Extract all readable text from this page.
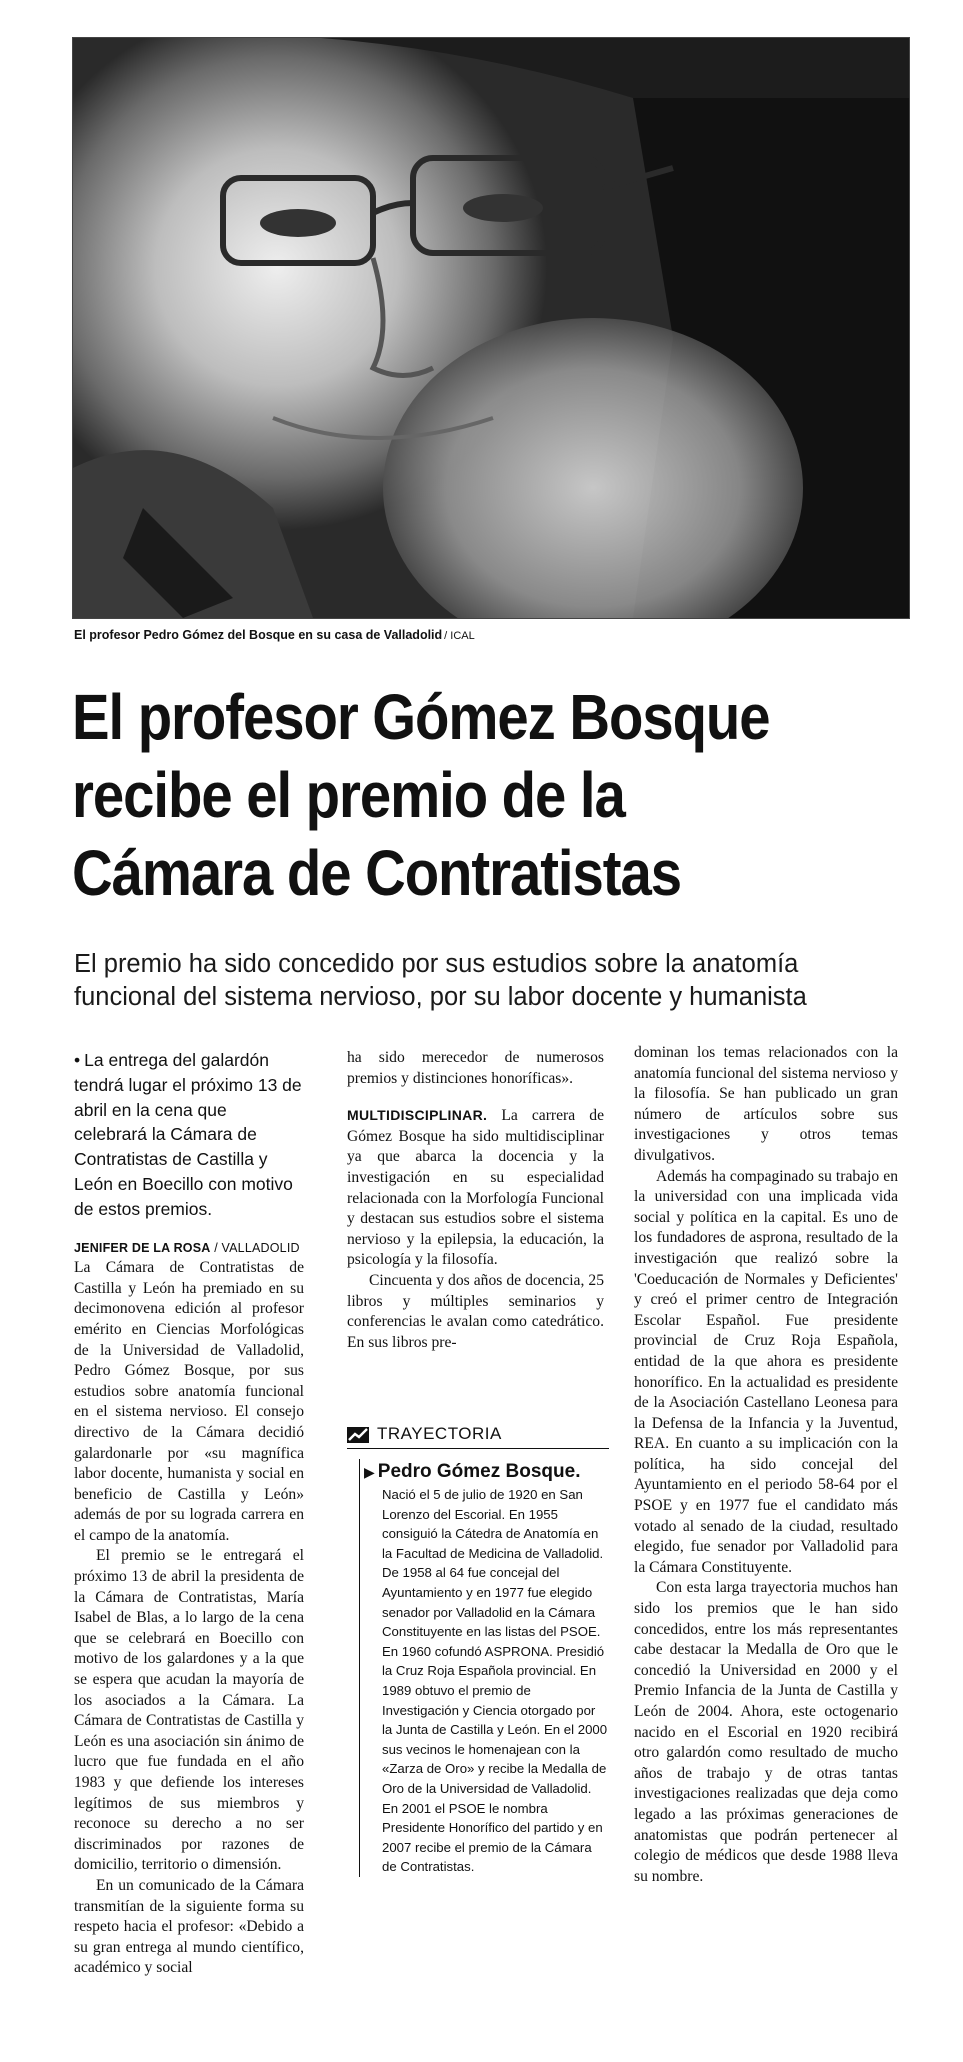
El profesor Pedro Gómez del Bosque en su casa de Valladolid / ICAL
El profesor Gómez Bosque
recibe el premio de la
Cámara de Contratistas
El premio ha sido concedido por sus estudios sobre la anatomía
funcional del sistema nervioso, por su labor docente y humanista
• La entrega del galardón tendrá lugar el próximo 13 de abril en la cena que celebrará la Cámara de Contratistas de Castilla y León en Boecillo con motivo de estos premios.
JENIFER DE LA ROSA / VALLADOLID

La Cámara de Contratistas de Castilla y León ha premiado en su decimonovena edición al profesor emérito en Ciencias Morfológicas de la Universidad de Valladolid, Pedro Gómez Bosque, por sus estudios sobre anatomía funcional en el sistema nervioso. El consejo directivo de la Cámara decidió galardonarle por «su magnífica labor docente, humanista y social en beneficio de Castilla y León» además de por su lograda carrera en el campo de la anatomía.

El premio se le entregará el próximo 13 de abril la presidenta de la Cámara de Contratistas, María Isabel de Blas, a lo largo de la cena que se celebrará en Boecillo con motivo de los galardones y a la que se espera que acudan la mayoría de los asociados a la Cámara. La Cámara de Contratistas de Castilla y León es una asociación sin ánimo de lucro que fue fundada en el año 1983 y que defiende los intereses legítimos de sus miembros y reconoce su derecho a no ser discriminados por razones de domicilio, territorio o dimensión.

En un comunicado de la Cámara transmitían de la siguiente forma su respeto hacia el profesor: «Debido a su gran entrega al mundo científico, académico y social

ha sido merecedor de numerosos premios y distinciones honoríficas».

MULTIDISCIPLINAR. La carrera de Gómez Bosque ha sido multidisciplinar ya que abarca la docencia y la investigación en su especialidad relacionada con la Morfología Funcional y destacan sus estudios sobre el sistema nervioso y la epilepsia, la educación, la psicología y la filosofía.

Cincuenta y dos años de docencia, 25 libros y múltiples seminarios y conferencias le avalan como catedrático. En sus libros pre-

TRAYECTORIA
▶ Pedro Gómez Bosque.

Nació el 5 de julio de 1920 en San Lorenzo del Escorial. En 1955 consiguió la Cátedra de Anatomía en la Facultad de Medicina de Valladolid. De 1958 al 64 fue concejal del Ayuntamiento y en 1977 fue elegido senador por Valladolid en la Cámara Constituyente en las listas del PSOE. En 1960 cofundó ASPRONA. Presidió la Cruz Roja Española provincial. En 1989 obtuvo el premio de Investigación y Ciencia otorgado por la Junta de Castilla y León. En el 2000 sus vecinos le homenajean con la «Zarza de Oro» y recibe la Medalla de Oro de la Universidad de Valladolid. En 2001 el PSOE le nombra Presidente Honorífico del partido y en 2007 recibe el premio de la Cámara de Contratistas.

dominan los temas relacionados con la anatomía funcional del sistema nervioso y la filosofía. Se han publicado un gran número de artículos sobre sus investigaciones y otros temas divulgativos.

Además ha compaginado su trabajo en la universidad con una implicada vida social y política en la capital. Es uno de los fundadores de asprona, resultado de la investigación que realizó sobre la 'Coeducación de Normales y Deficientes' y creó el primer centro de Integración Escolar Español. Fue presidente provincial de Cruz Roja Española, entidad de la que ahora es presidente honorífico. En la actualidad es presidente de la Asociación Castellano Leonesa para la Defensa de la Infancia y la Juventud, REA. En cuanto a su implicación con la política, ha sido concejal del Ayuntamiento en el periodo 58-64 por el PSOE y en 1977 fue el candidato más votado al senado de la ciudad, resultado elegido, fue senador por Valladolid para la Cámara Constituyente.

Con esta larga trayectoria muchos han sido los premios que le han sido concedidos, entre los más representantes cabe destacar la Medalla de Oro que le concedió la Universidad en 2000 y el Premio Infancia de la Junta de Castilla y León de 2004. Ahora, este octogenario nacido en el Escorial en 1920 recibirá otro galardón como resultado de mucho años de trabajo y de otras tantas investigaciones realizadas que deja como legado a las próximas generaciones de anatomistas que podrán pertenecer al colegio de médicos que desde 1988 lleva su nombre.
